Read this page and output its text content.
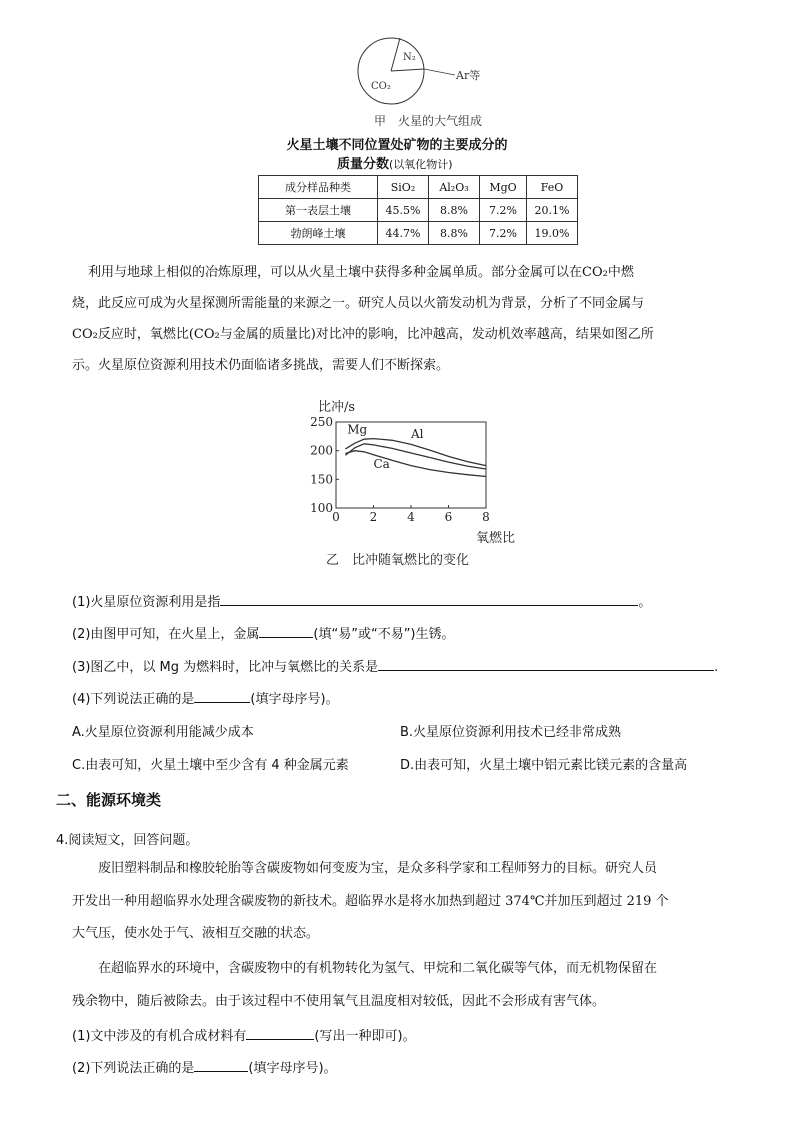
N₂
CO₂
Ar等
甲　火星的大气组成
火星土壤不同位置处矿物的主要成分的
质量分数(以氧化物计)
成分样品种类	SiO₂	Al₂O₃	MgO	FeO
第一表层土壤	45.5%	8.8%	7.2%	20.1%
勃朗峰土壤	44.7%	8.8%	7.2%	19.0%
利用与地球上相似的冶炼原理，可以从火星土壤中获得多种金属单质。部分金属可以在CO₂中燃
烧，此反应可成为火星探测所需能量的来源之一。研究人员以火箭发动机为背景，分析了不同金属与
CO₂反应时，氧燃比(CO₂与金属的质量比)对比冲的影响，比冲越高，发动机效率越高，结果如图乙所
示。火星原位资源利用技术仍面临诸多挑战，需要人们不断探索。
比冲/s
氧燃比
乙　比冲随氧燃比的变化
0 2 4 6 8
250
200
150
100
Mg	Al
Ca
(1)火星原位资源利用是指	。
(2)由图甲可知，在火星上，金属	(填“易”或“不易”)生锈。
(3)图乙中，以 Mg 为燃料时，比冲与氧燃比的关系是	.
(4)下列说法正确的是	(填字母序号)。
A.火星原位资源利用能减少成本	B.火星原位资源利用技术已经非常成熟
C.由表可知，火星土壤中至少含有 4 种金属元素	D.由表可知，火星土壤中铝元素比镁元素的含量高
二、能源环境类
4.阅读短文，回答问题。
废旧塑料制品和橡胶轮胎等含碳废物如何变废为宝，是众多科学家和工程师努力的目标。研究人员
开发出一种用超临界水处理含碳废物的新技术。超临界水是将水加热到超过 374℃并加压到超过 219 个
大气压，使水处于气、液相互交融的状态。
在超临界水的环境中，含碳废物中的有机物转化为氢气、甲烷和二氧化碳等气体，而无机物保留在
残余物中，随后被除去。由于该过程中不使用氧气且温度相对较低，因此不会形成有害气体。
(1)文中涉及的有机合成材料有	(写出一种即可)。
(2)下列说法正确的是	(填字母序号)。
